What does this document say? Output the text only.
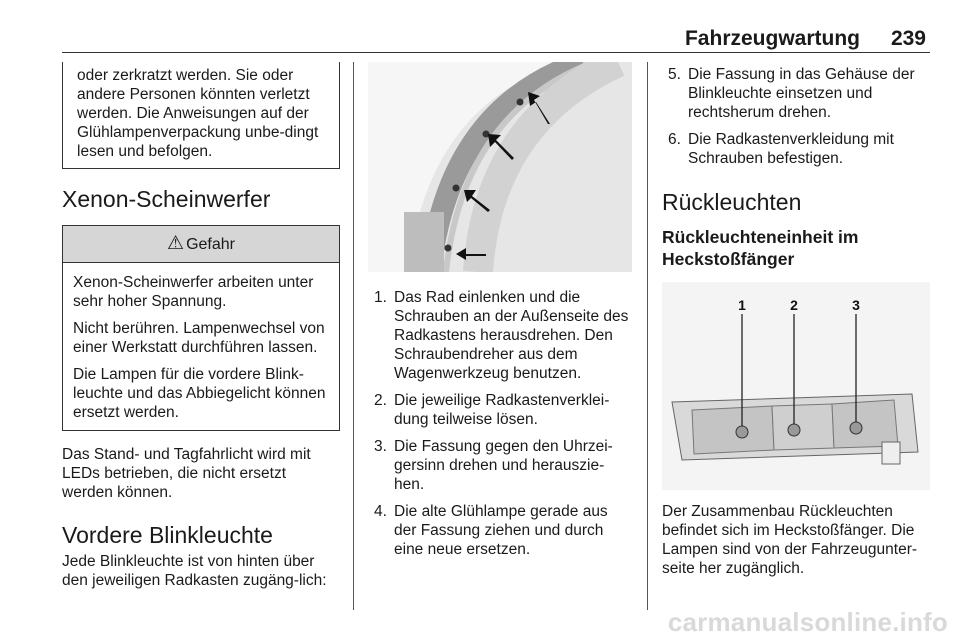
Fahrzeugwartung 239
oder zerkratzt werden. Sie oder andere Personen könnten verletzt werden. Die Anweisungen auf der Glühlampenverpackung unbe-dingt lesen und befolgen.
Xenon-Scheinwerfer
⚠ Gefahr

Xenon-Scheinwerfer arbeiten unter sehr hoher Spannung.

Nicht berühren. Lampenwechsel von einer Werkstatt durchführen lassen.

Die Lampen für die vordere Blink-leuchte und das Abbiegelicht können ersetzt werden.

Das Stand- und Tagfahrlicht wird mit LEDs betrieben, die nicht ersetzt werden können.

Vordere Blinkleuchte

Jede Blinkleuchte ist von hinten über den jeweiligen Radkasten zugäng-lich:

1. Das Rad einlenken und die Schrauben an der Außenseite des Radkastens herausdrehen. Den Schraubendreher aus dem Wagenwerkzeug benutzen.
2. Die jeweilige Radkastenverklei-dung teilweise lösen.
3. Die Fassung gegen den Uhrzei-gersinn drehen und herauszie-hen.
4. Die alte Glühlampe gerade aus der Fassung ziehen und durch eine neue ersetzen.
5. Die Fassung in das Gehäuse der Blinkleuchte einsetzen und rechtsherum drehen.
6. Die Radkastenverkleidung mit Schrauben befestigen.
Rückleuchten
Rückleuchteneinheit im Heckstoßfänger
1	2	3

Der Zusammenbau Rückleuchten befindet sich im Heckstoßfänger. Die Lampen sind von der Fahrzeugunter-seite her zugänglich.

carmanualsonline.info
